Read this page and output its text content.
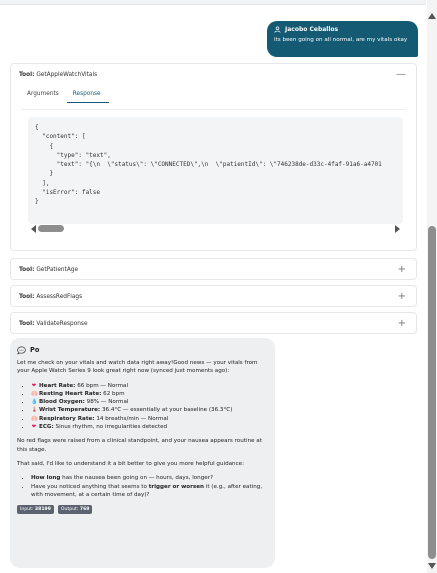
Jacobo Ceballos
its been going on all normal, are my vitals okay
Tool: GetAppleWatchVitals	—
Arguments	Response
{
"content": [
{
"type": "text",
"text": "{\n  \"status\": \"CONNECTED\",\n  \"patientId\": \"746238de-d33c-4faf-91a6-a4701
}
],
"isError": false
}
Tool: GetPatientAge	+
Tool: AssessRedFlags	+
Tool: ValidateResponse	+
Po

Let me check on your vitals and watch data right away!Good news — your vitals from your Apple Watch Series 9 look great right now (synced just moments ago):

• ❤ Heart Rate: 66 bpm — Normal
• 🫁Resting Heart Rate: 62 bpm
• 💧Blood Oxygen: 98% — Normal
• 🌡Wrist Temperature: 36.4°C — essentially at your baseline (36.3°C)
• 🫁Respiratory Rate: 14 breaths/min — Normal
• ❤ ECG: Sinus rhythm, no irregularities detected

No red flags were raised from a clinical standpoint, and your nausea appears routine at this stage.

That said, I'd like to understand it a bit better to give you more helpful guidance:

• How long has the nausea been going on — hours, days, longer?
• Have you noticed anything that seems to trigger or worsen it (e.g., after eating, with movement, at a certain time of day)?
Input: 38199	Output: 769
